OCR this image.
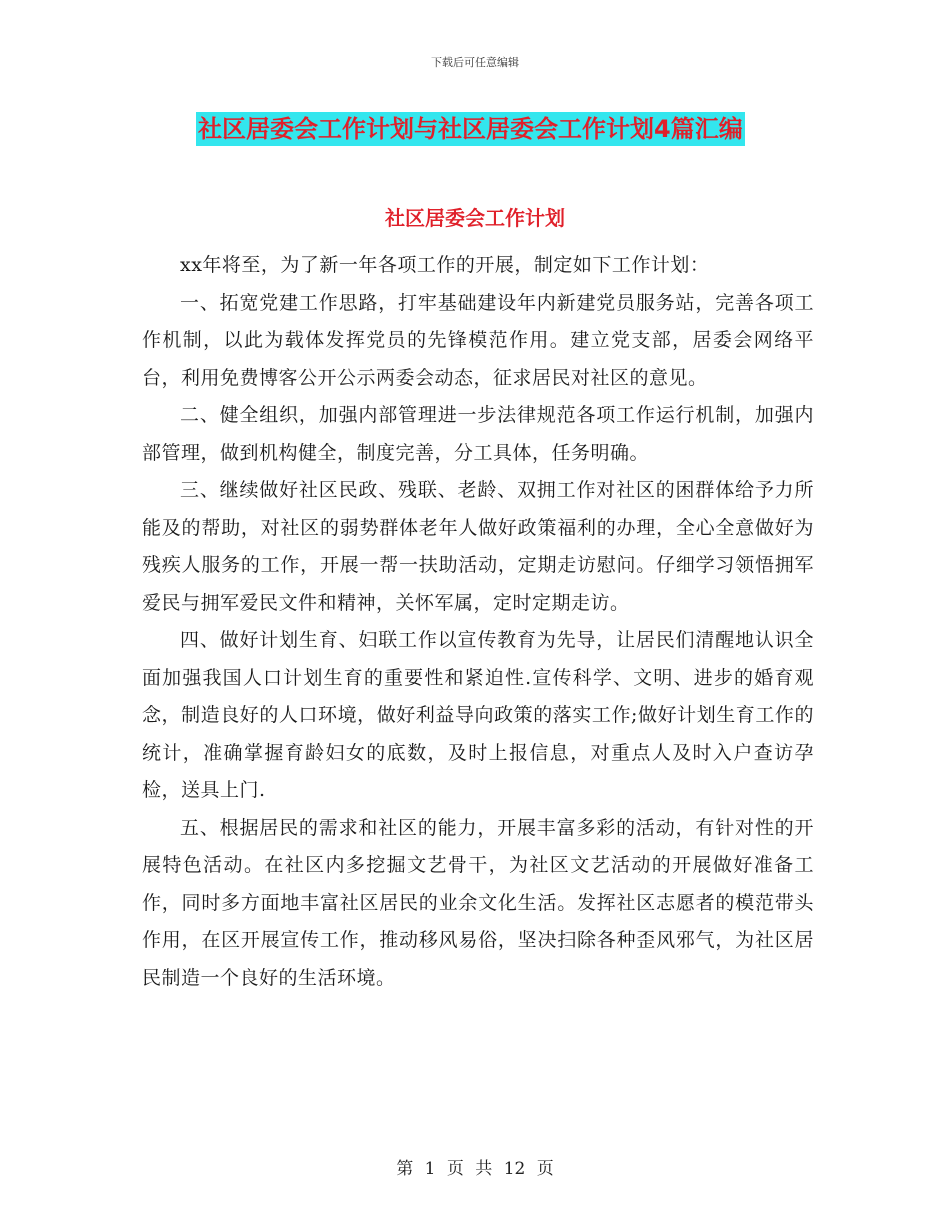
下载后可任意编辑
社区居委会工作计划与社区居委会工作计划4篇汇编
社区居委会工作计划

xx年将至，为了新一年各项工作的开展，制定如下工作计划：

一、拓宽党建工作思路，打牢基础建设年内新建党员服务站，完善各项工作机制，以此为载体发挥党员的先锋模范作用。建立党支部，居委会网络平台，利用免费博客公开公示两委会动态，征求居民对社区的意见。

二、健全组织，加强内部管理进一步法律规范各项工作运行机制，加强内部管理，做到机构健全，制度完善，分工具体，任务明确。

三、继续做好社区民政、残联、老龄、双拥工作对社区的困群体给予力所能及的帮助，对社区的弱势群体老年人做好政策福利的办理，全心全意做好为残疾人服务的工作，开展一帮一扶助活动，定期走访慰问。仔细学习领悟拥军爱民与拥军爱民文件和精神，关怀军属，定时定期走访。

四、做好计划生育、妇联工作以宣传教育为先导，让居民们清醒地认识全面加强我国人口计划生育的重要性和紧迫性.宣传科学、文明、进步的婚育观念，制造良好的人口环境，做好利益导向政策的落实工作;做好计划生育工作的统计，准确掌握育龄妇女的底数，及时上报信息，对重点人及时入户查访孕检，送具上门.

五、根据居民的需求和社区的能力，开展丰富多彩的活动，有针对性的开展特色活动。在社区内多挖掘文艺骨干，为社区文艺活动的开展做好准备工作，同时多方面地丰富社区居民的业余文化生活。发挥社区志愿者的模范带头作用，在区开展宣传工作，推动移风易俗，坚决扫除各种歪风邪气，为社区居民制造一个良好的生活环境。

第 1 页 共 12 页
